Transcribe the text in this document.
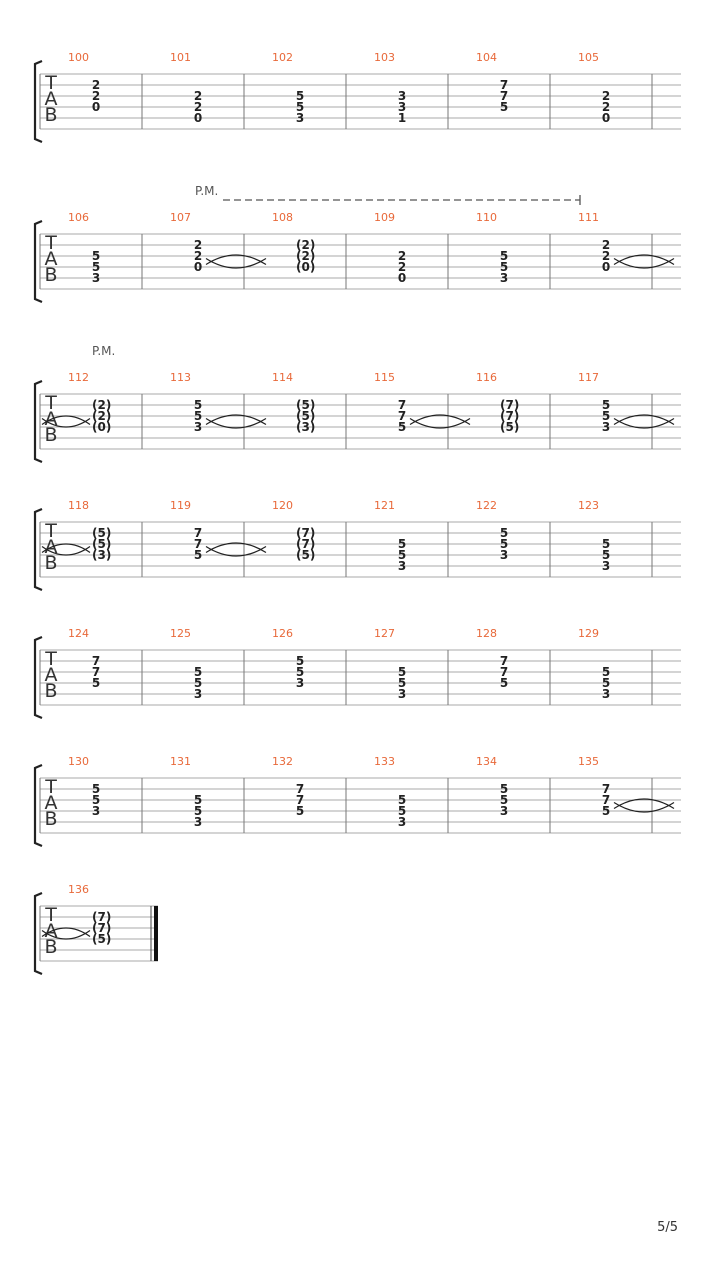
T
A
B
100
2
2
0
101
2
2
0
102
5
5
3
103
3
3
1
104
7
7
5
105
2
2
0
T
A
B
106
5
5
3
107
2
2
0
108
(2)
(2)
(0)
109
2
2
0
110
5
5
3
111
2
2
0
P.M.
T
A
B
112
(2)
(2)
(0)
113
5
5
3
114
(5)
(5)
(3)
115
7
7
5
116
(7)
(7)
(5)
117
5
5
3
P.M.
T
A
B
118
(5)
(5)
(3)
119
7
7
5
120
(7)
(7)
(5)
121
5
5
3
122
5
5
3
123
5
5
3
T
A
B
124
7
7
5
125
5
5
3
126
5
5
3
127
5
5
3
128
7
7
5
129
5
5
3
T
A
B
130
5
5
3
131
5
5
3
132
7
7
5
133
5
5
3
134
5
5
3
135
7
7
5
T
A
B
136
(7)
(7)
(5)
5/5
